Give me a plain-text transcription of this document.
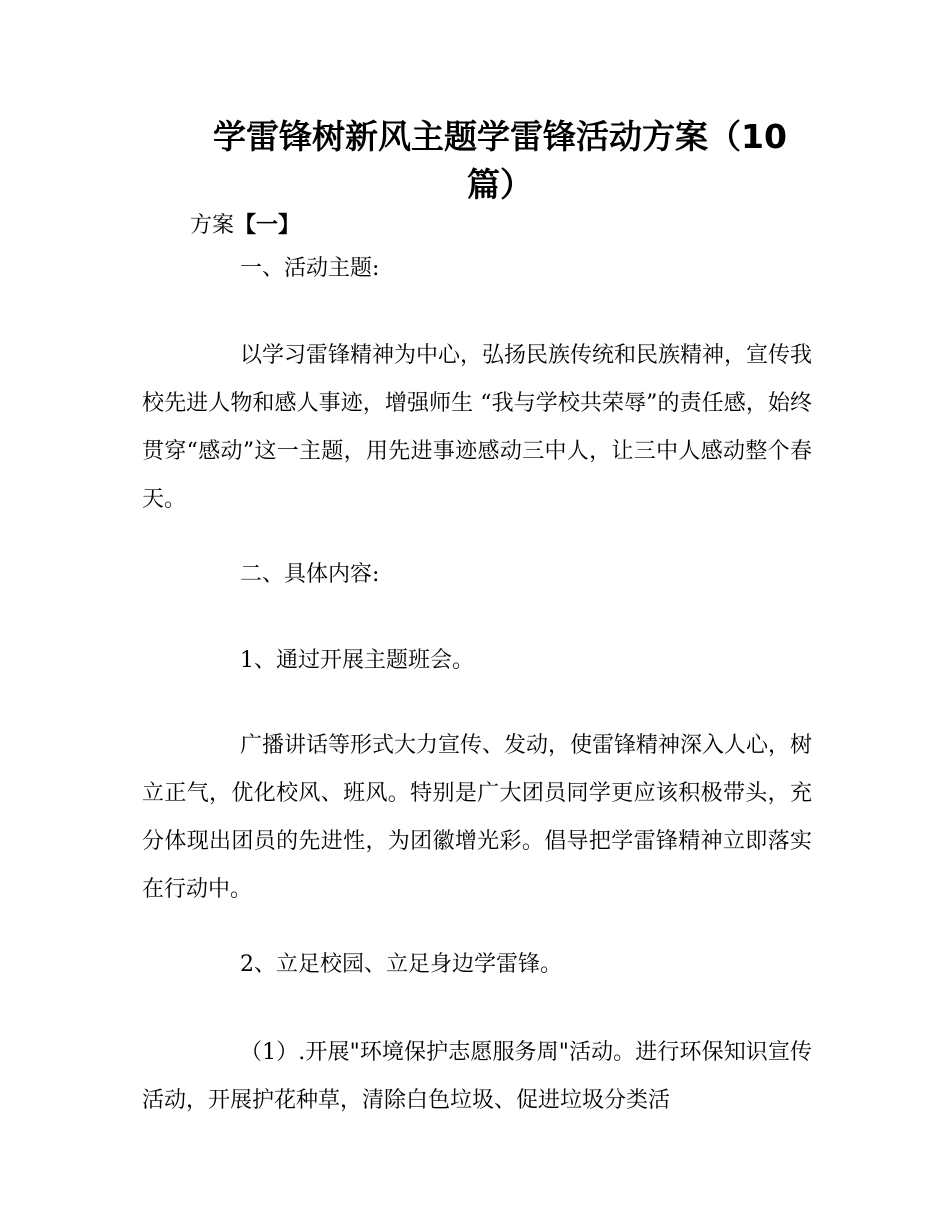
学雷锋树新风主题学雷锋活动方案（10
篇）
方案【一】
一、活动主题:

以学习雷锋精神为中心，弘扬民族传统和民族精神，宣传我校先进人物和感人事迹，增强师生 “我与学校共荣辱”的责任感，始终贯穿“感动”这一主题，用先进事迹感动三中人，让三中人感动整个春天。

二、具体内容:
1、通过开展主题班会。

广播讲话等形式大力宣传、发动，使雷锋精神深入人心，树立正气，优化校风、班风。特别是广大团员同学更应该积极带头，充分体现出团员的先进性，为团徽增光彩。倡导把学雷锋精神立即落实在行动中。

2、立足校园、立足身边学雷锋。

（1）.开展"环境保护志愿服务周"活动。进行环保知识宣传活动，开展护花种草，清除白色垃圾、促进垃圾分类活
